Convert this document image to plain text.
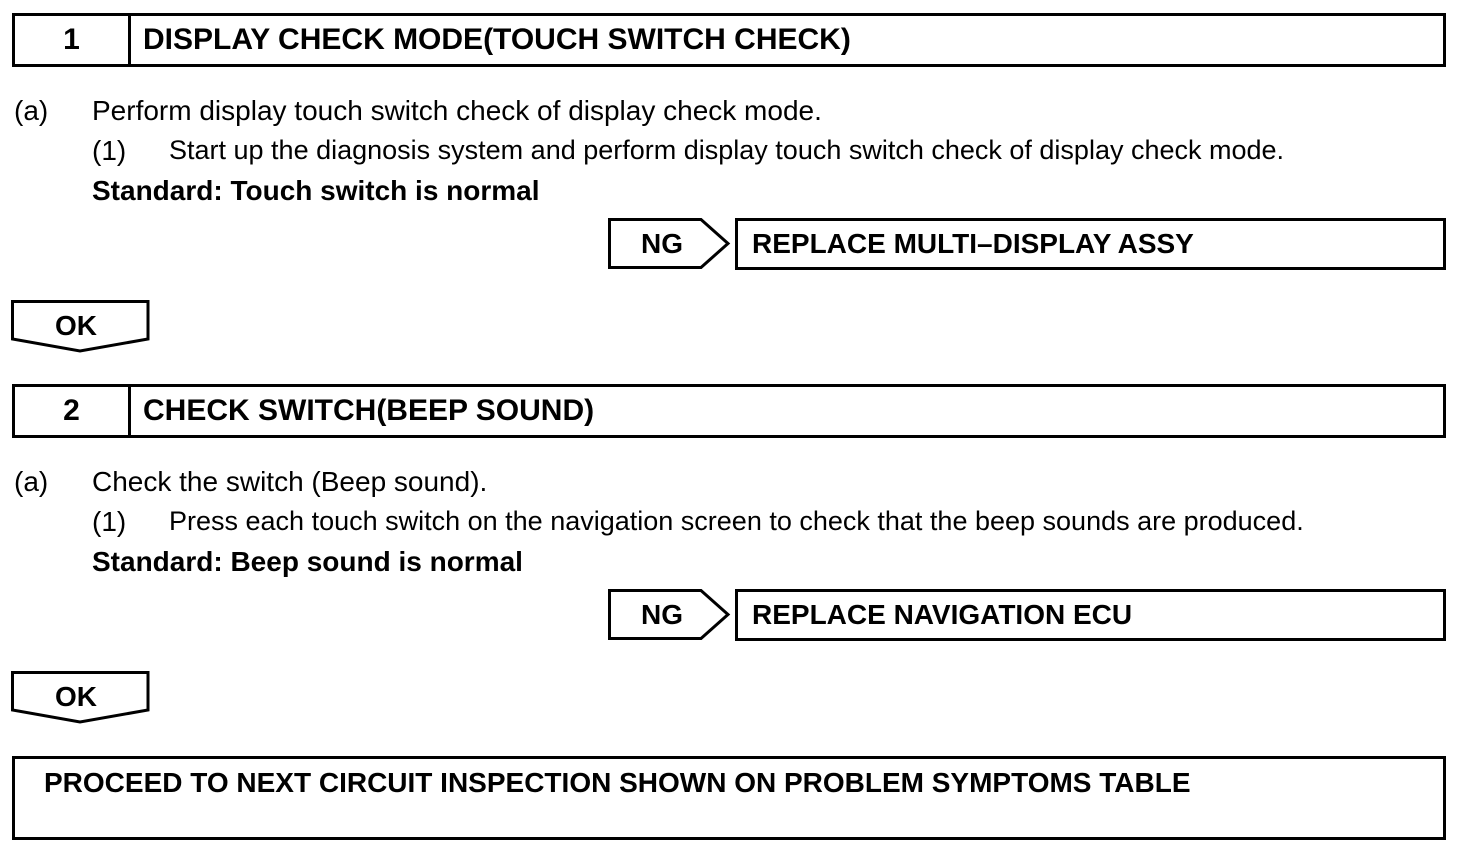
1	DISPLAY CHECK MODE(TOUCH SWITCH CHECK)
(a) Perform display touch switch check of display check mode.
(1) Start up the diagnosis system and perform display touch switch check of display check mode.
Standard: Touch switch is normal
NG	REPLACE MULTI–DISPLAY ASSY
OK
2	CHECK SWITCH(BEEP SOUND)
(a) Check the switch (Beep sound).
(1) Press each touch switch on the navigation screen to check that the beep sounds are produced.
Standard: Beep sound is normal
NG	REPLACE NAVIGATION ECU
OK
PROCEED TO NEXT CIRCUIT INSPECTION SHOWN ON PROBLEM SYMPTOMS TABLE
